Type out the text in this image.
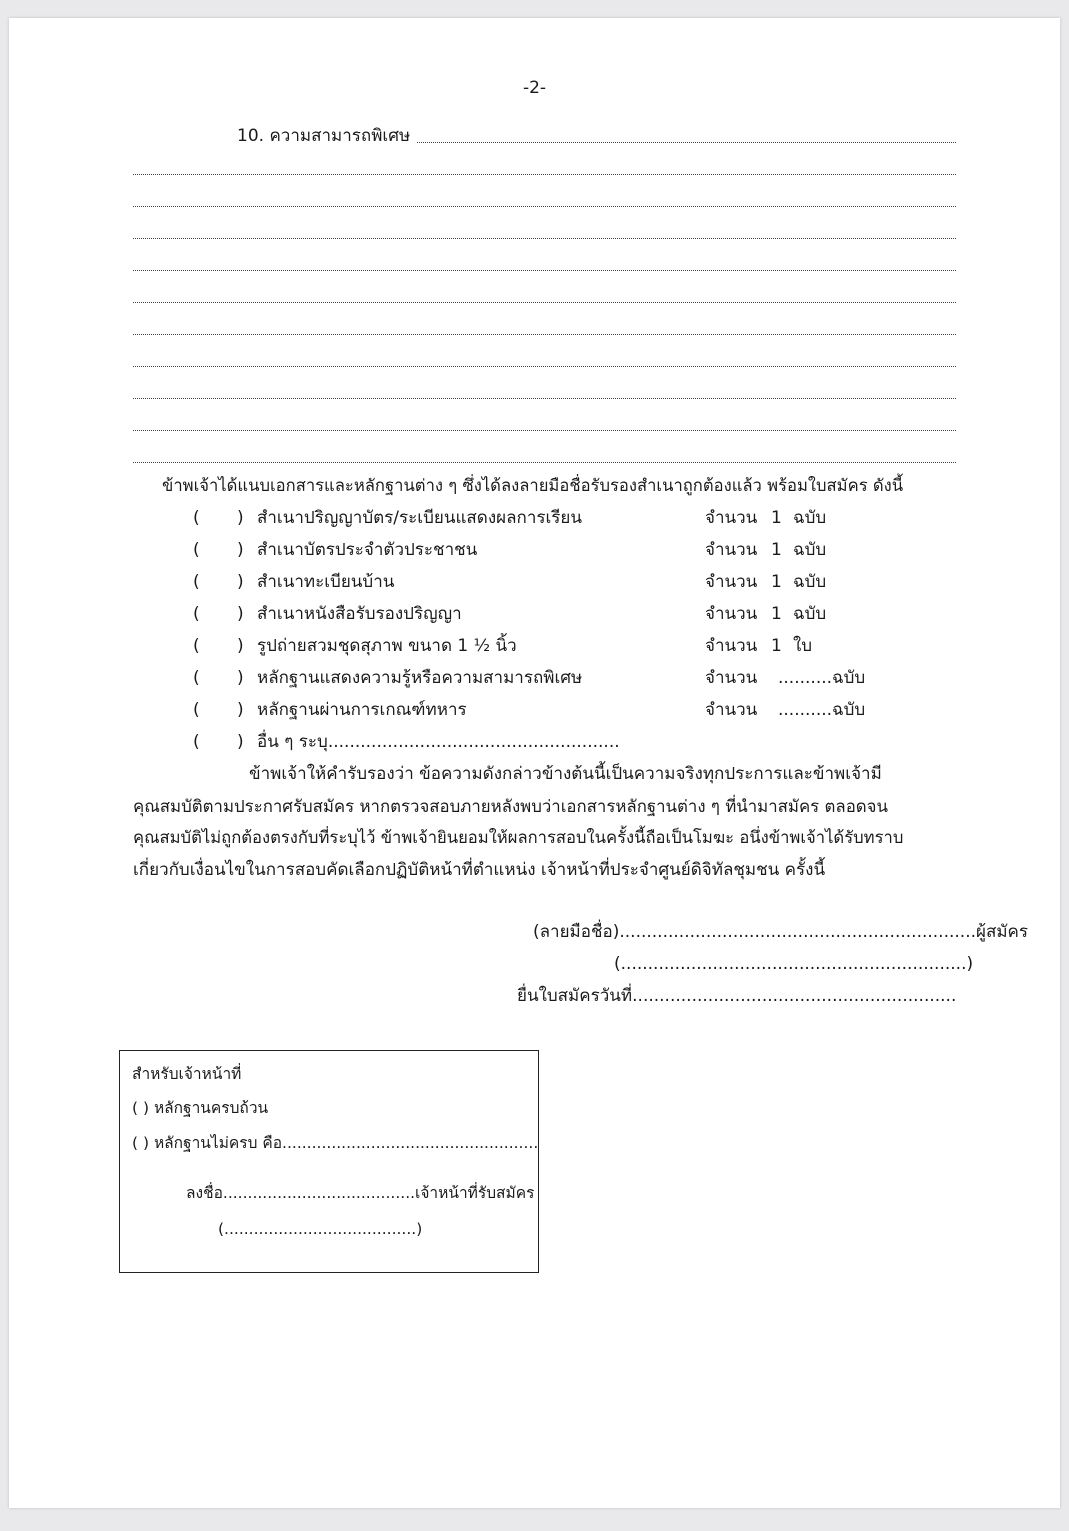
-2-
10. ความสามารถพิเศษ
ข้าพเจ้าได้แนบเอกสารและหลักฐานต่าง ๆ ซึ่งได้ลงลายมือชื่อรับรองสำเนาถูกต้องแล้ว พร้อมใบสมัคร ดังนี้
( ) สำเนาปริญญาบัตร/ระเบียนแสดงผลการเรียน	จำนวน 1 ฉบับ
( ) สำเนาบัตรประจำตัวประชาชน	จำนวน 1 ฉบับ
( ) สำเนาทะเบียนบ้าน	จำนวน 1 ฉบับ
( ) สำเนาหนังสือรับรองปริญญา	จำนวน 1 ฉบับ
( ) รูปถ่ายสวมชุดสุภาพ ขนาด 1 ½ นิ้ว	จำนวน 1 ใบ
( ) หลักฐานแสดงความรู้หรือความสามารถพิเศษ	จำนวน ..........ฉบับ
( ) หลักฐานผ่านการเกณฑ์ทหาร	จำนวน ..........ฉบับ
( ) อื่น ๆ ระบุ......................................................
ข้าพเจ้าให้คำรับรองว่า ข้อความดังกล่าวข้างต้นนี้เป็นความจริงทุกประการและข้าพเจ้ามี
คุณสมบัติตามประกาศรับสมัคร หากตรวจสอบภายหลังพบว่าเอกสารหลักฐานต่าง ๆ ที่นำมาสมัคร ตลอดจน
คุณสมบัติไม่ถูกต้องตรงกับที่ระบุไว้ ข้าพเจ้ายินยอมให้ผลการสอบในครั้งนี้ถือเป็นโมฆะ อนึ่งข้าพเจ้าได้รับทราบ
เกี่ยวกับเงื่อนไขในการสอบคัดเลือกปฏิบัติหน้าที่ตำแหน่ง เจ้าหน้าที่ประจำศูนย์ดิจิทัลชุมชน ครั้งนี้
(ลายมือชื่อ)..................................................................ผู้สมัคร
(................................................................)
ยื่นใบสมัครวันที่............................................................
สำหรับเจ้าหน้าที่
( ) หลักฐานครบถ้วน
( ) หลักฐานไม่ครบ คือ....................................................
ลงชื่อ.......................................เจ้าหน้าที่รับสมัคร
(.......................................)
